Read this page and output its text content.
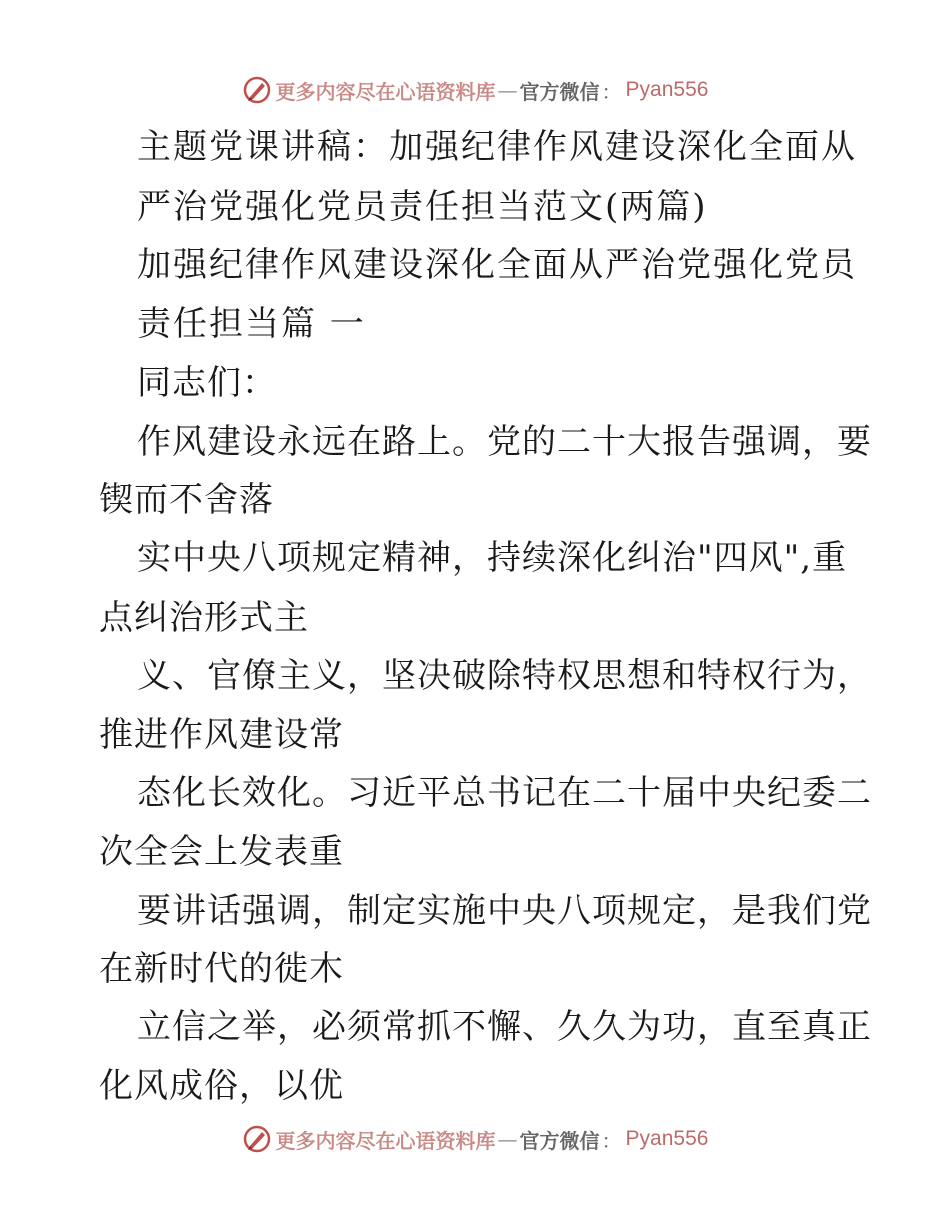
更多内容尽在心语资料库 — 官方微信 ： Pyan556

主题党课讲稿：加强纪律作风建设深化全面从

严治党强化党员责任担当范文(两篇)

加强纪律作风建设深化全面从严治党强化党员

责任担当篇 一

同志们：

作风建设永远在路上。党的二十大报告强调，要

锲而不舍落

实中央八项规定精神，持续深化纠治"四风",重

点纠治形式主

义、官僚主义，坚决破除特权思想和特权行为，

推进作风建设常

态化长效化。习近平总书记在二十届中央纪委二

次全会上发表重

要讲话强调，制定实施中央八项规定，是我们党

在新时代的徙木

立信之举，必须常抓不懈、久久为功，直至真正

化风成俗，以优

更多内容尽在心语资料库 — 官方微信 ： Pyan556
